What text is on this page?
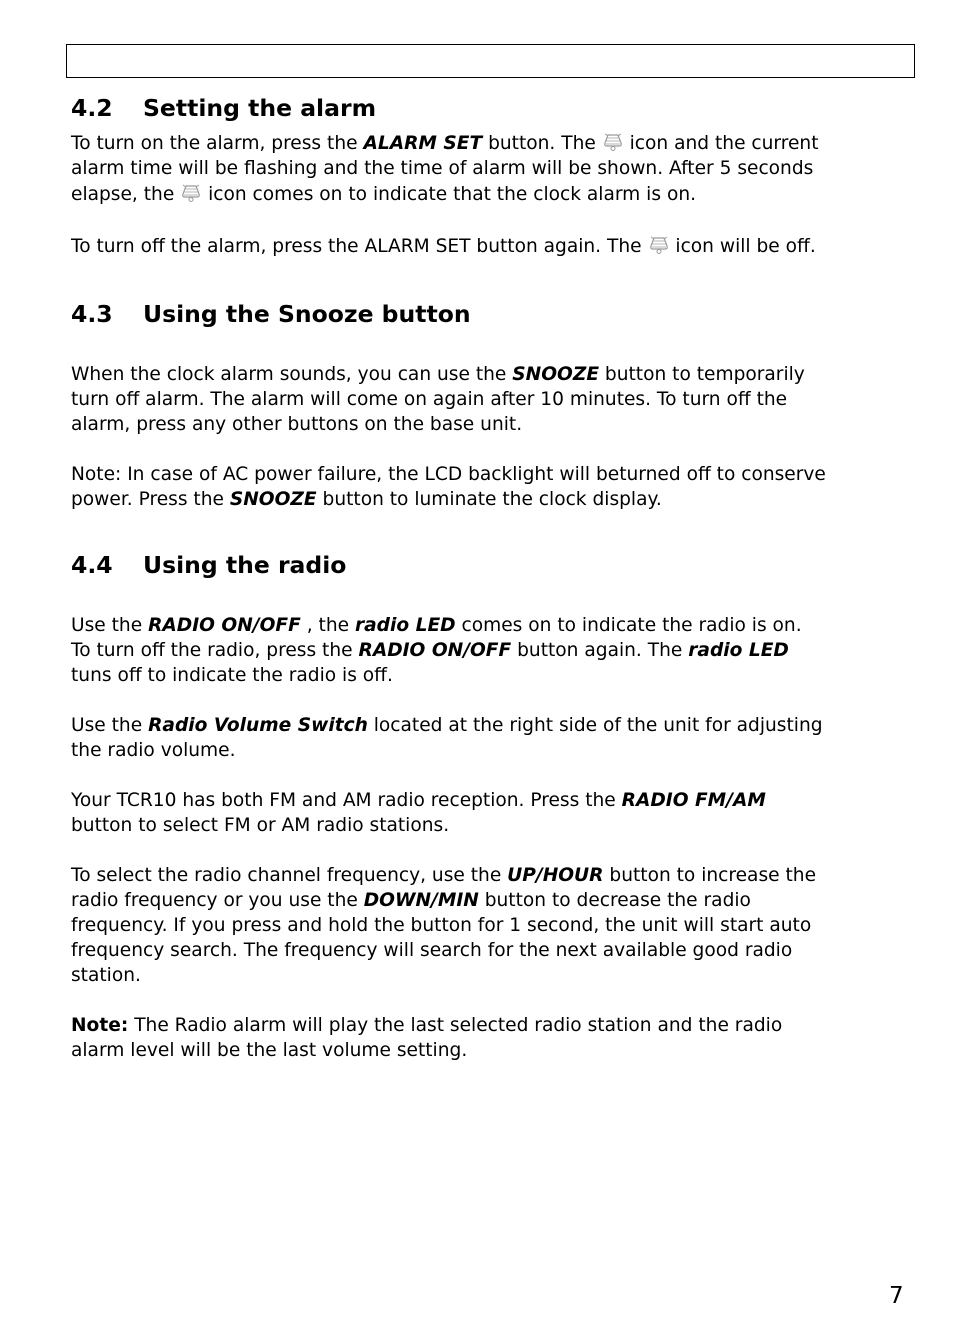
4.2 Setting the alarm

To turn on the alarm, press the ALARM SET button. The  icon and the current

alarm time will be flashing and the time of alarm will be shown. After 5 seconds

elapse, the  icon comes on to indicate that the clock alarm is on.

To turn off the alarm, press the ALARM SET button again. The  icon will be off.

4.3 Using the Snooze button

When the clock alarm sounds, you can use the SNOOZE button to temporarily

turn off alarm. The alarm will come on again after 10 minutes. To turn off the

alarm, press any other buttons on the base unit.

Note: In case of AC power failure, the LCD backlight will beturned off to conserve

power. Press the SNOOZE button to luminate the clock display.

4.4 Using the radio

Use the RADIO ON/OFF , the radio LED comes on to indicate the radio is on.

To turn off the radio, press the RADIO ON/OFF button again. The radio LED

tuns off to indicate the radio is off.

Use the Radio Volume Switch located at the right side of the unit for adjusting

the radio volume.

Your TCR10 has both FM and AM radio reception. Press the RADIO FM/AM

button to select FM or AM radio stations.

To select the radio channel frequency, use the UP/HOUR button to increase the

radio frequency or you use the DOWN/MIN button to decrease the radio

frequency. If you press and hold the button for 1 second, the unit will start auto

frequency search. The frequency will search for the next available good radio

station.

Note: The Radio alarm will play the last selected radio station and the radio

alarm level will be the last volume setting.

7
